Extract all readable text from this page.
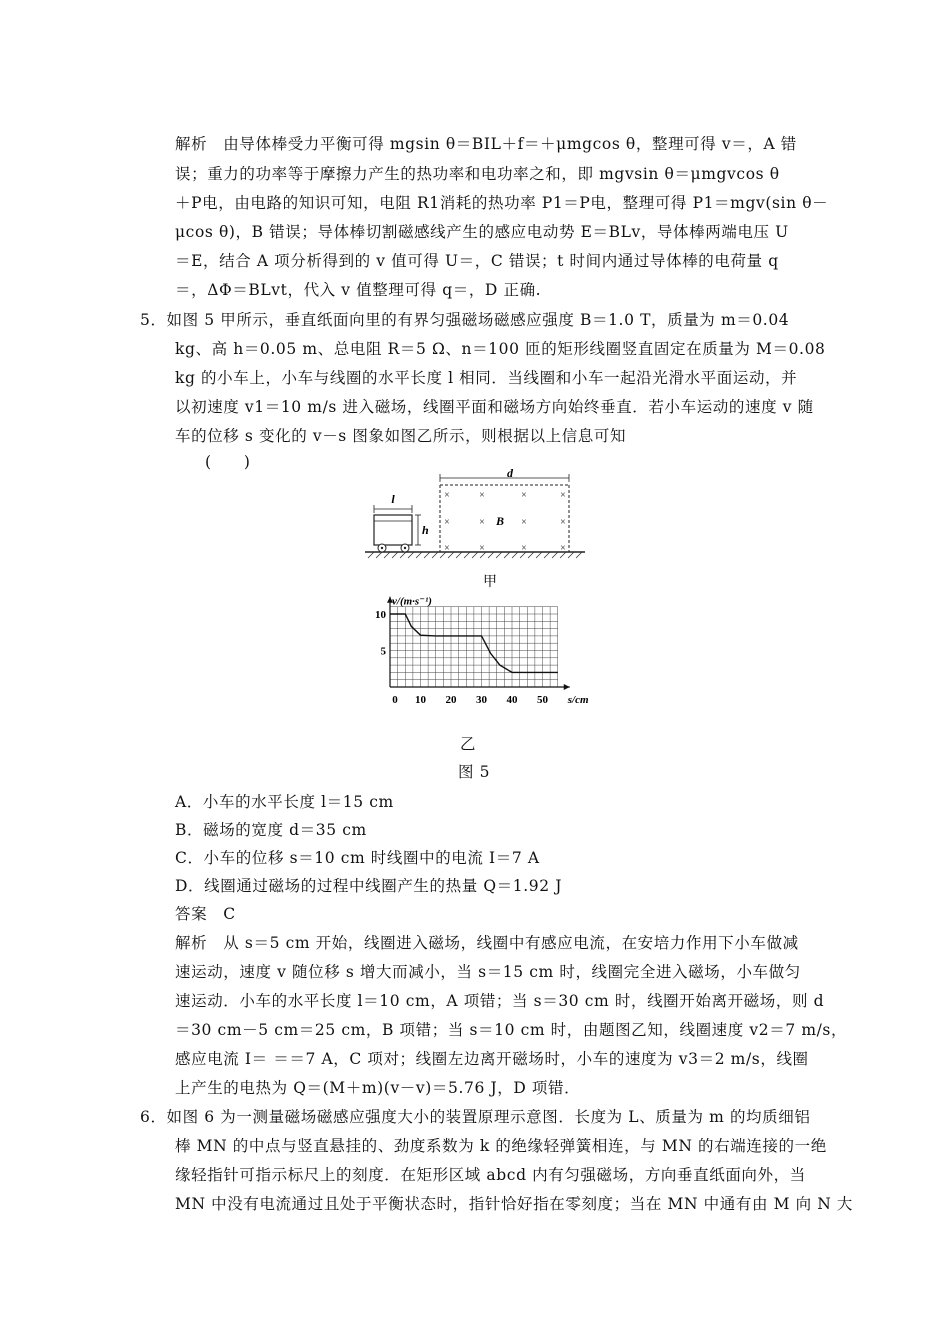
解析　由导体棒受力平衡可得 mgsin θ＝BIL＋f＝＋μmgcos θ，整理可得 v＝，A 错
误；重力的功率等于摩擦力产生的热功率和电功率之和，即 mgvsin θ＝μmgvcos θ
＋P电，由电路的知识可知，电阻 R1消耗的热功率 P1＝P电，整理可得 P1＝mgv(sin θ－
μcos θ)，B 错误；导体棒切割磁感线产生的感应电动势 E＝BLv，导体棒两端电压 U
＝E，结合 A 项分析得到的 v 值可得 U＝，C 错误；t 时间内通过导体棒的电荷量 q
＝，ΔΦ＝BLvt，代入 v 值整理可得 q＝，D 正确.
5．如图 5 甲所示，垂直纸面向里的有界匀强磁场磁感应强度 B＝1.0 T，质量为 m＝0.04
kg、高 h＝0.05 m、总电阻 R＝5 Ω、n＝100 匝的矩形线圈竖直固定在质量为 M＝0.08
kg 的小车上，小车与线圈的水平长度 l 相同．当线圈和小车一起沿光滑水平面运动，并
以初速度 v1＝10 m/s 进入磁场，线圈平面和磁场方向始终垂直．若小车运动的速度 v 随
车的位移 s 变化的 v－s 图象如图乙所示，则根据以上信息可知
(　　)
l
h
d
×	×	×	×
×	×	×	×
×	×	×	×
B
甲
0 10 20 30 40 50
5
10
v/(m·s⁻¹)
s/cm
乙
图 5
A．小车的水平长度 l＝15 cm
B．磁场的宽度 d＝35 cm
C．小车的位移 s＝10 cm 时线圈中的电流 I＝7 A
D．线圈通过磁场的过程中线圈产生的热量 Q＝1.92 J
答案　C
解析　从 s＝5 cm 开始，线圈进入磁场，线圈中有感应电流，在安培力作用下小车做减
速运动，速度 v 随位移 s 增大而减小，当 s＝15 cm 时，线圈完全进入磁场，小车做匀
速运动．小车的水平长度 l＝10 cm，A 项错；当 s＝30 cm 时，线圈开始离开磁场，则 d
＝30 cm－5 cm＝25 cm，B 项错；当 s＝10 cm 时，由题图乙知，线圈速度 v2＝7 m/s，
感应电流 I＝ ＝＝7 A，C 项对；线圈左边离开磁场时，小车的速度为 v3＝2 m/s，线圈
上产生的电热为 Q＝(M＋m)(v－v)＝5.76 J，D 项错．
6．如图 6 为一测量磁场磁感应强度大小的装置原理示意图．长度为 L、质量为 m 的均质细铝
棒 MN 的中点与竖直悬挂的、劲度系数为 k 的绝缘轻弹簧相连，与 MN 的右端连接的一绝
缘轻指针可指示标尺上的刻度．在矩形区域 abcd 内有匀强磁场，方向垂直纸面向外，当
MN 中没有电流通过且处于平衡状态时，指针恰好指在零刻度；当在 MN 中通有由 M 向 N 大
